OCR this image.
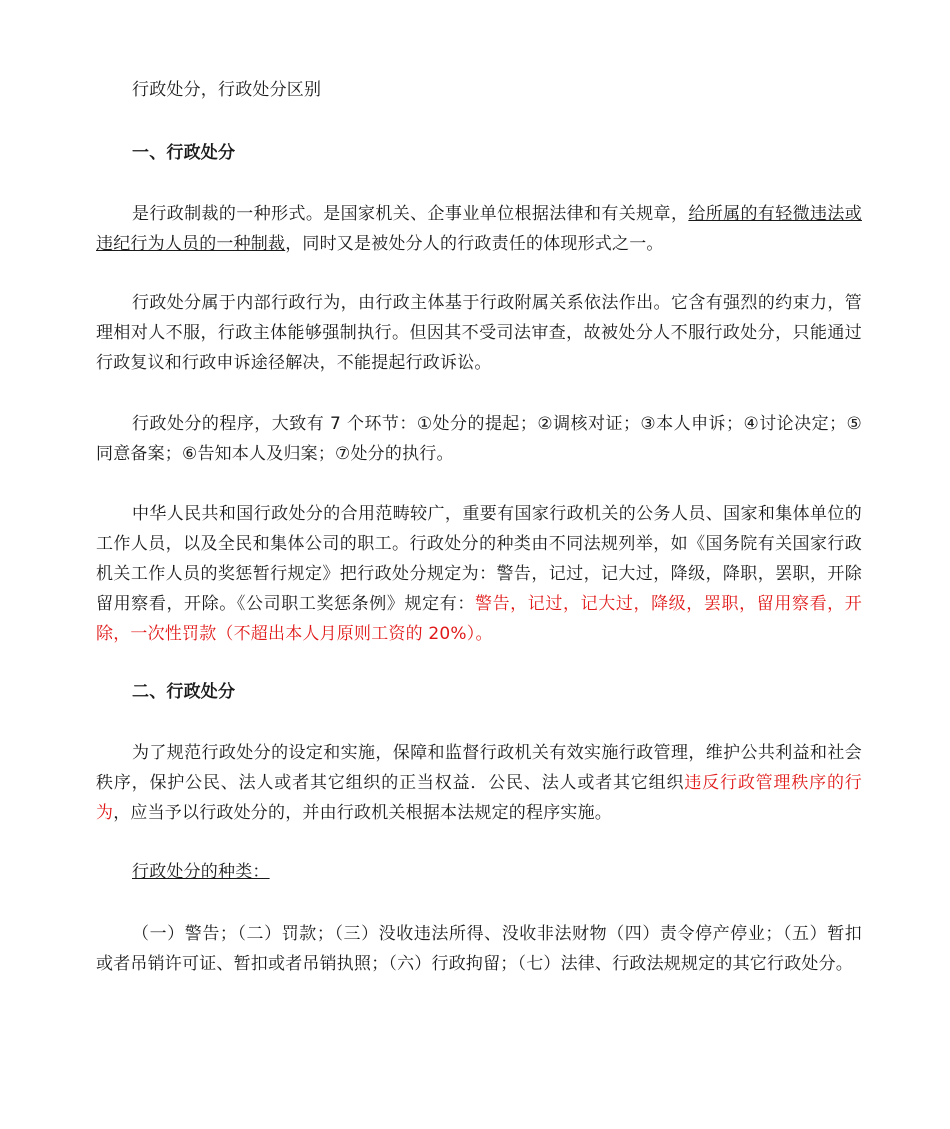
行政处分，行政处分区别
一、行政处分
是行政制裁的一种形式。是国家机关、企事业单位根据法律和有关规章，给所属的有轻微违法或违纪行为人员的一种制裁，同时又是被处分人的行政责任的体现形式之一。
行政处分属于内部行政行为，由行政主体基于行政附属关系依法作出。它含有强烈的约束力，管理相对人不服，行政主体能够强制执行。但因其不受司法审查，故被处分人不服行政处分，只能通过行政复议和行政申诉途径解决，不能提起行政诉讼。
行政处分的程序，大致有 7 个环节：①处分的提起；②调核对证；③本人申诉；④讨论决定；⑤同意备案；⑥告知本人及归案；⑦处分的执行。
中华人民共和国行政处分的合用范畴较广，重要有国家行政机关的公务人员、国家和集体单位的工作人员，以及全民和集体公司的职工。行政处分的种类由不同法规列举，如《国务院有关国家行政机关工作人员的奖惩暂行规定》把行政处分规定为：警告，记过，记大过，降级，降职，罢职，开除留用察看，开除。《公司职工奖惩条例》规定有：警告，记过，记大过，降级，罢职，留用察看，开除，一次性罚款（不超出本人月原则工资的 20%）。
二、行政处分
为了规范行政处分的设定和实施，保障和监督行政机关有效实施行政管理，维护公共利益和社会秩序，保护公民、法人或者其它组织的正当权益．公民、法人或者其它组织违反行政管理秩序的行为，应当予以行政处分的，并由行政机关根据本法规定的程序实施。
行政处分的种类：
（一）警告；（二）罚款；（三）没收违法所得、没收非法财物（四）责令停产停业；（五）暂扣或者吊销许可证、暂扣或者吊销执照；（六）行政拘留；（七）法律、行政法规规定的其它行政处分。
